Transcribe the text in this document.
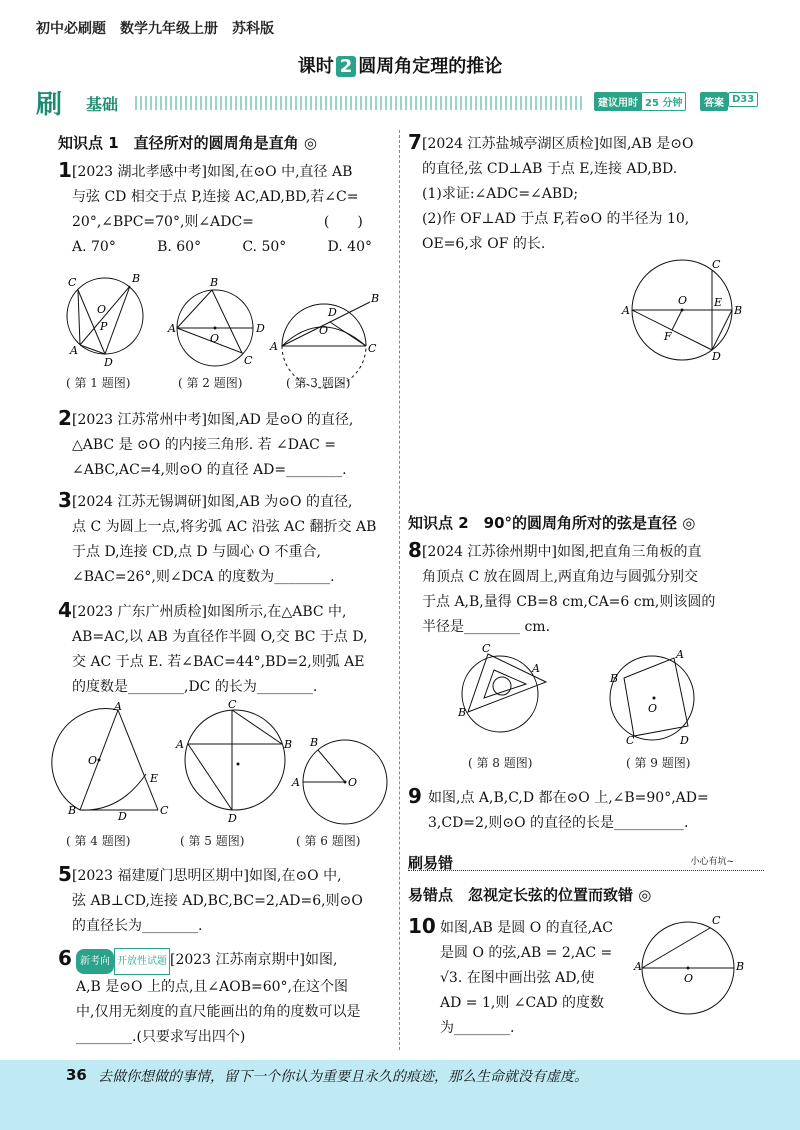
初中必刷题　数学九年级上册　苏科版
课时 2 圆周角定理的推论
刷 基础	建议用时 25 分钟	答案 D33
知识点 1　直径所对的圆周角是直角 ◎
1 [2023 湖北孝感中考]如图,在⊙O 中,直径 AB
与弦 CD 相交于点 P,连接 AC,AD,BD,若∠C=
20°,∠BPC=70°,则∠ADC=　　　　　(　　)
A. 70°	B. 60°	C. 50°	D. 40°
C	B
A
D
O
P	A	D
B
C
O
A
B
C
D
O
( 第 1 题图)	( 第 2 题图)	( 第 3 题图)
2 [2023 江苏常州中考]如图,AD 是⊙O 的直径,
△ABC 是 ⊙O 的内接三角形. 若 ∠DAC =
∠ABC,AC=4,则⊙O 的直径 AD=________.
3 [2024 江苏无锡调研]如图,AB 为⊙O 的直径,
点 C 为圆上一点,将劣弧 AC 沿弦 AC 翻折交 AB
于点 D,连接 CD,点 D 与圆心 O 不重合,
∠BAC=26°,则∠DCA 的度数为________.
4 [2023 广东广州质检]如图所示,在△ABC 中,
AB=AC,以 AB 为直径作半圆 O,交 BC 于点 D,
交 AC 于点 E. 若∠BAC=44°,BD=2,则弧 AE
的度数是________,DC 的长为________.
A
B	C
D
E
O
A	B
C
D
B
A	O
( 第 4 题图)	( 第 5 题图)	( 第 6 题图)
5 [2023 福建厦门思明区期中]如图,在⊙O 中,
弦 AB⊥CD,连接 AD,BC,BC=2,AD=6,则⊙O
的直径长为________.
6 新考向 开放性试题 [2023 江苏南京期中]如图,
A,B 是⊙O 上的点,且∠AOB=60°,在这个图
中,仅用无刻度的直尺能画出的角的度数可以是
________.(只要求写出四个)
7 [2024 江苏盐城亭湖区质检]如图,AB 是⊙O
的直径,弦 CD⊥AB 于点 E,连接 AD,BD.
(1)求证:∠ADC=∠ABD;
(2)作 OF⊥AD 于点 F,若⊙O 的半径为 10,
OE=6,求 OF 的长.
A	B
C
D
E
F
O
知识点 2　90°的圆周角所对的弦是直径 ◎
8 [2024 江苏徐州期中]如图,把直角三角板的直
角顶点 C 放在圆周上,两直角边与圆弧分别交
于点 A,B,量得 CB=8 cm,CA=6 cm,则该圆的
半径是________ cm.
C
A
B
B
A
C	D
O
( 第 8 题图)	( 第 9 题图)
9 如图,点 A,B,C,D 都在⊙O 上,∠B=90°,AD=
3,CD=2,则⊙O 的直径的长是__________.
刷易错	小心有坑~
易错点　忽视定长弦的位置而致错 ◎
10 如图,AB 是圆 O 的直径,AC
是圆 O 的弦,AB = 2,AC =
√3. 在图中画出弦 AD,使
AD = 1,则 ∠CAD 的度数
为________.
C
A	B
O
36 去做你想做的事情，留下一个你认为重要且永久的痕迹，那么生命就没有虚度。
